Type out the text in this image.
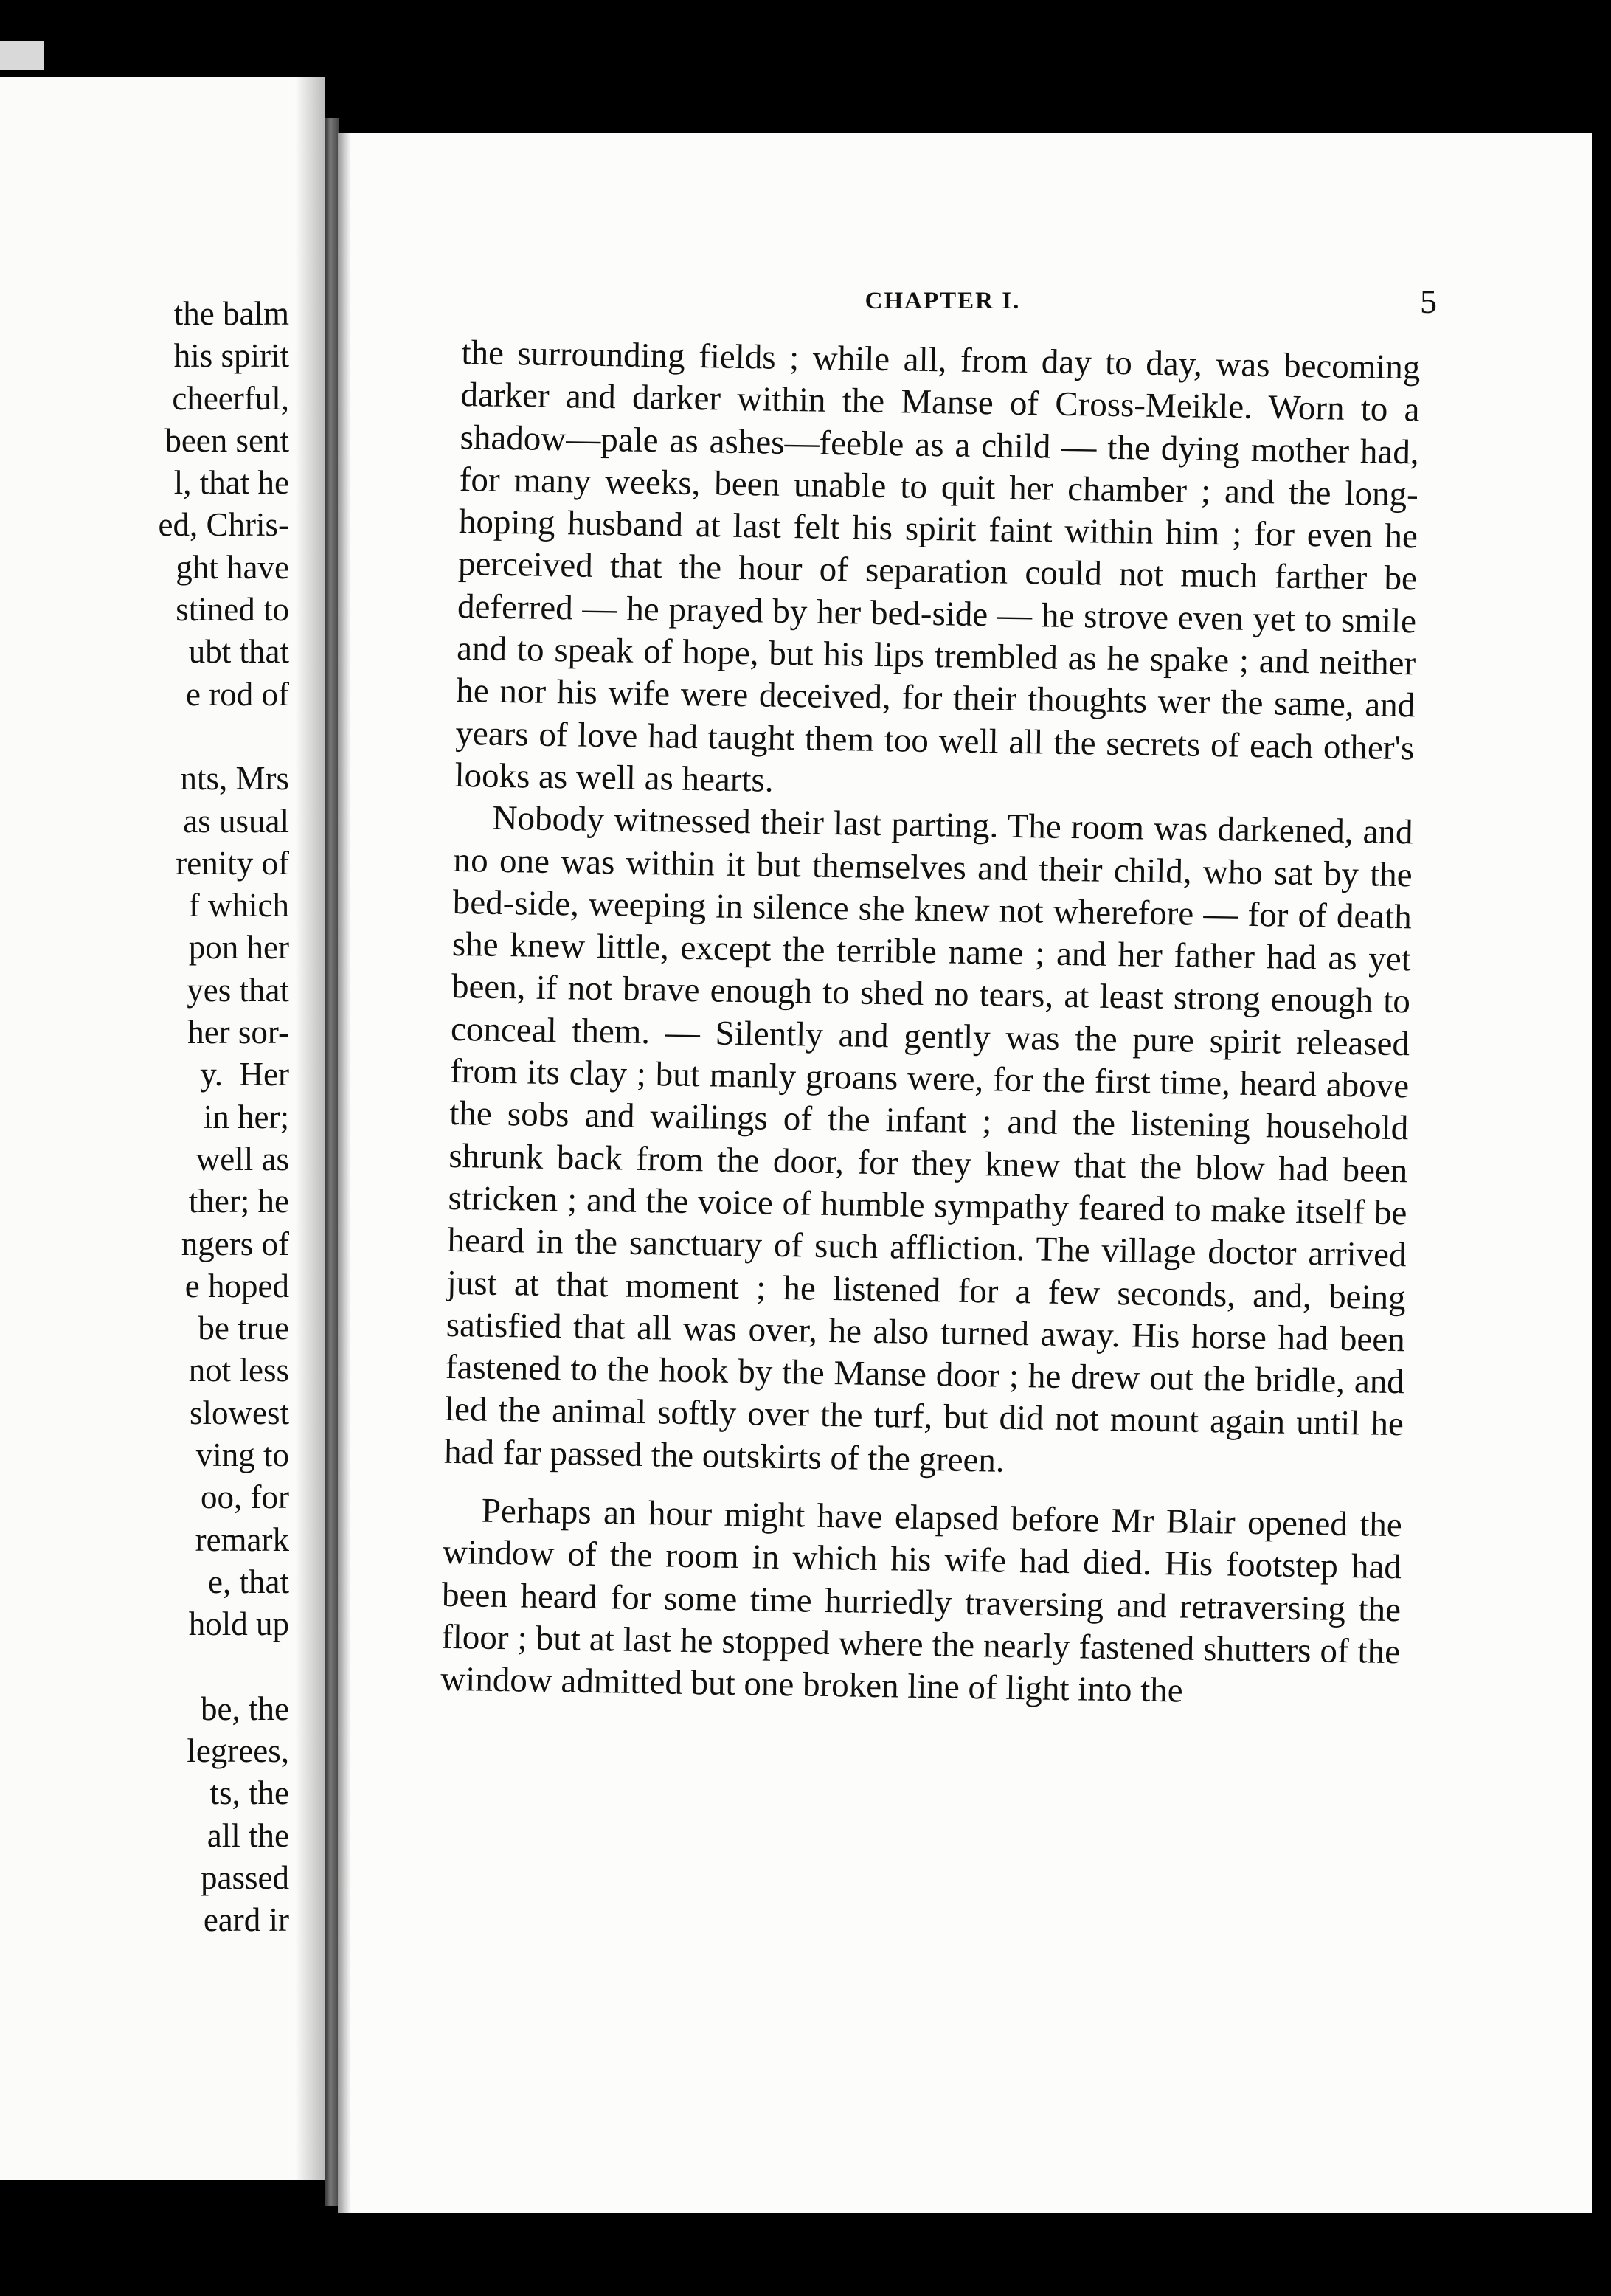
the balm
his spirit
cheerful,
been sent
l, that he
ed, Chris-
ght have
stined to
ubt that
e rod of
nts, Mrs
as usual
renity of
f which
pon her
yes that
her sor-
y.  Her
in her;
well as
ther; he
ngers of
e hoped
be true
not less
slowest
ving to
oo, for
remark
e, that
hold up
be, the
legrees,
ts, the
all the
passed
eard ir
CHAPTER I.	5

the surrounding fields ; while all, from day to day, was becoming darker and darker within the Manse of Cross-Meikle. Worn to a shadow—pale as ashes—feeble as a child — the dying mother had, for many weeks, been unable to quit her chamber ; and the long-hoping husband at last felt his spirit faint within him ; for even he perceived that the hour of separation could not much farther be deferred — he prayed by her bed-side — he strove even yet to smile and to speak of hope, but his lips trembled as he spake ; and neither he nor his wife were deceived, for their thoughts wer the same, and years of love had taught them too well all the secrets of each other's looks as well as hearts.

Nobody witnessed their last parting. The room was darkened, and no one was within it but themselves and their child, who sat by the bed-side, weeping in silence she knew not wherefore — for of death she knew little, except the terrible name ; and her father had as yet been, if not brave enough to shed no tears, at least strong enough to conceal them. — Silently and gently was the pure spirit released from its clay ; but manly groans were, for the first time, heard above the sobs and wailings of the infant ; and the listening household shrunk back from the door, for they knew that the blow had been stricken ; and the voice of humble sympathy feared to make itself be heard in the sanctuary of such affliction. The village doctor arrived just at that moment ; he listened for a few seconds, and, being satisfied that all was over, he also turned away. His horse had been fastened to the hook by the Manse door ; he drew out the bridle, and led the animal softly over the turf, but did not mount again until he had far passed the outskirts of the green.

Perhaps an hour might have elapsed before Mr Blair opened the window of the room in which his wife had died. His footstep had been heard for some time hurriedly traversing and retraversing the floor ; but at last he stopped where the nearly fastened shutters of the window admitted but one broken line of light into the
